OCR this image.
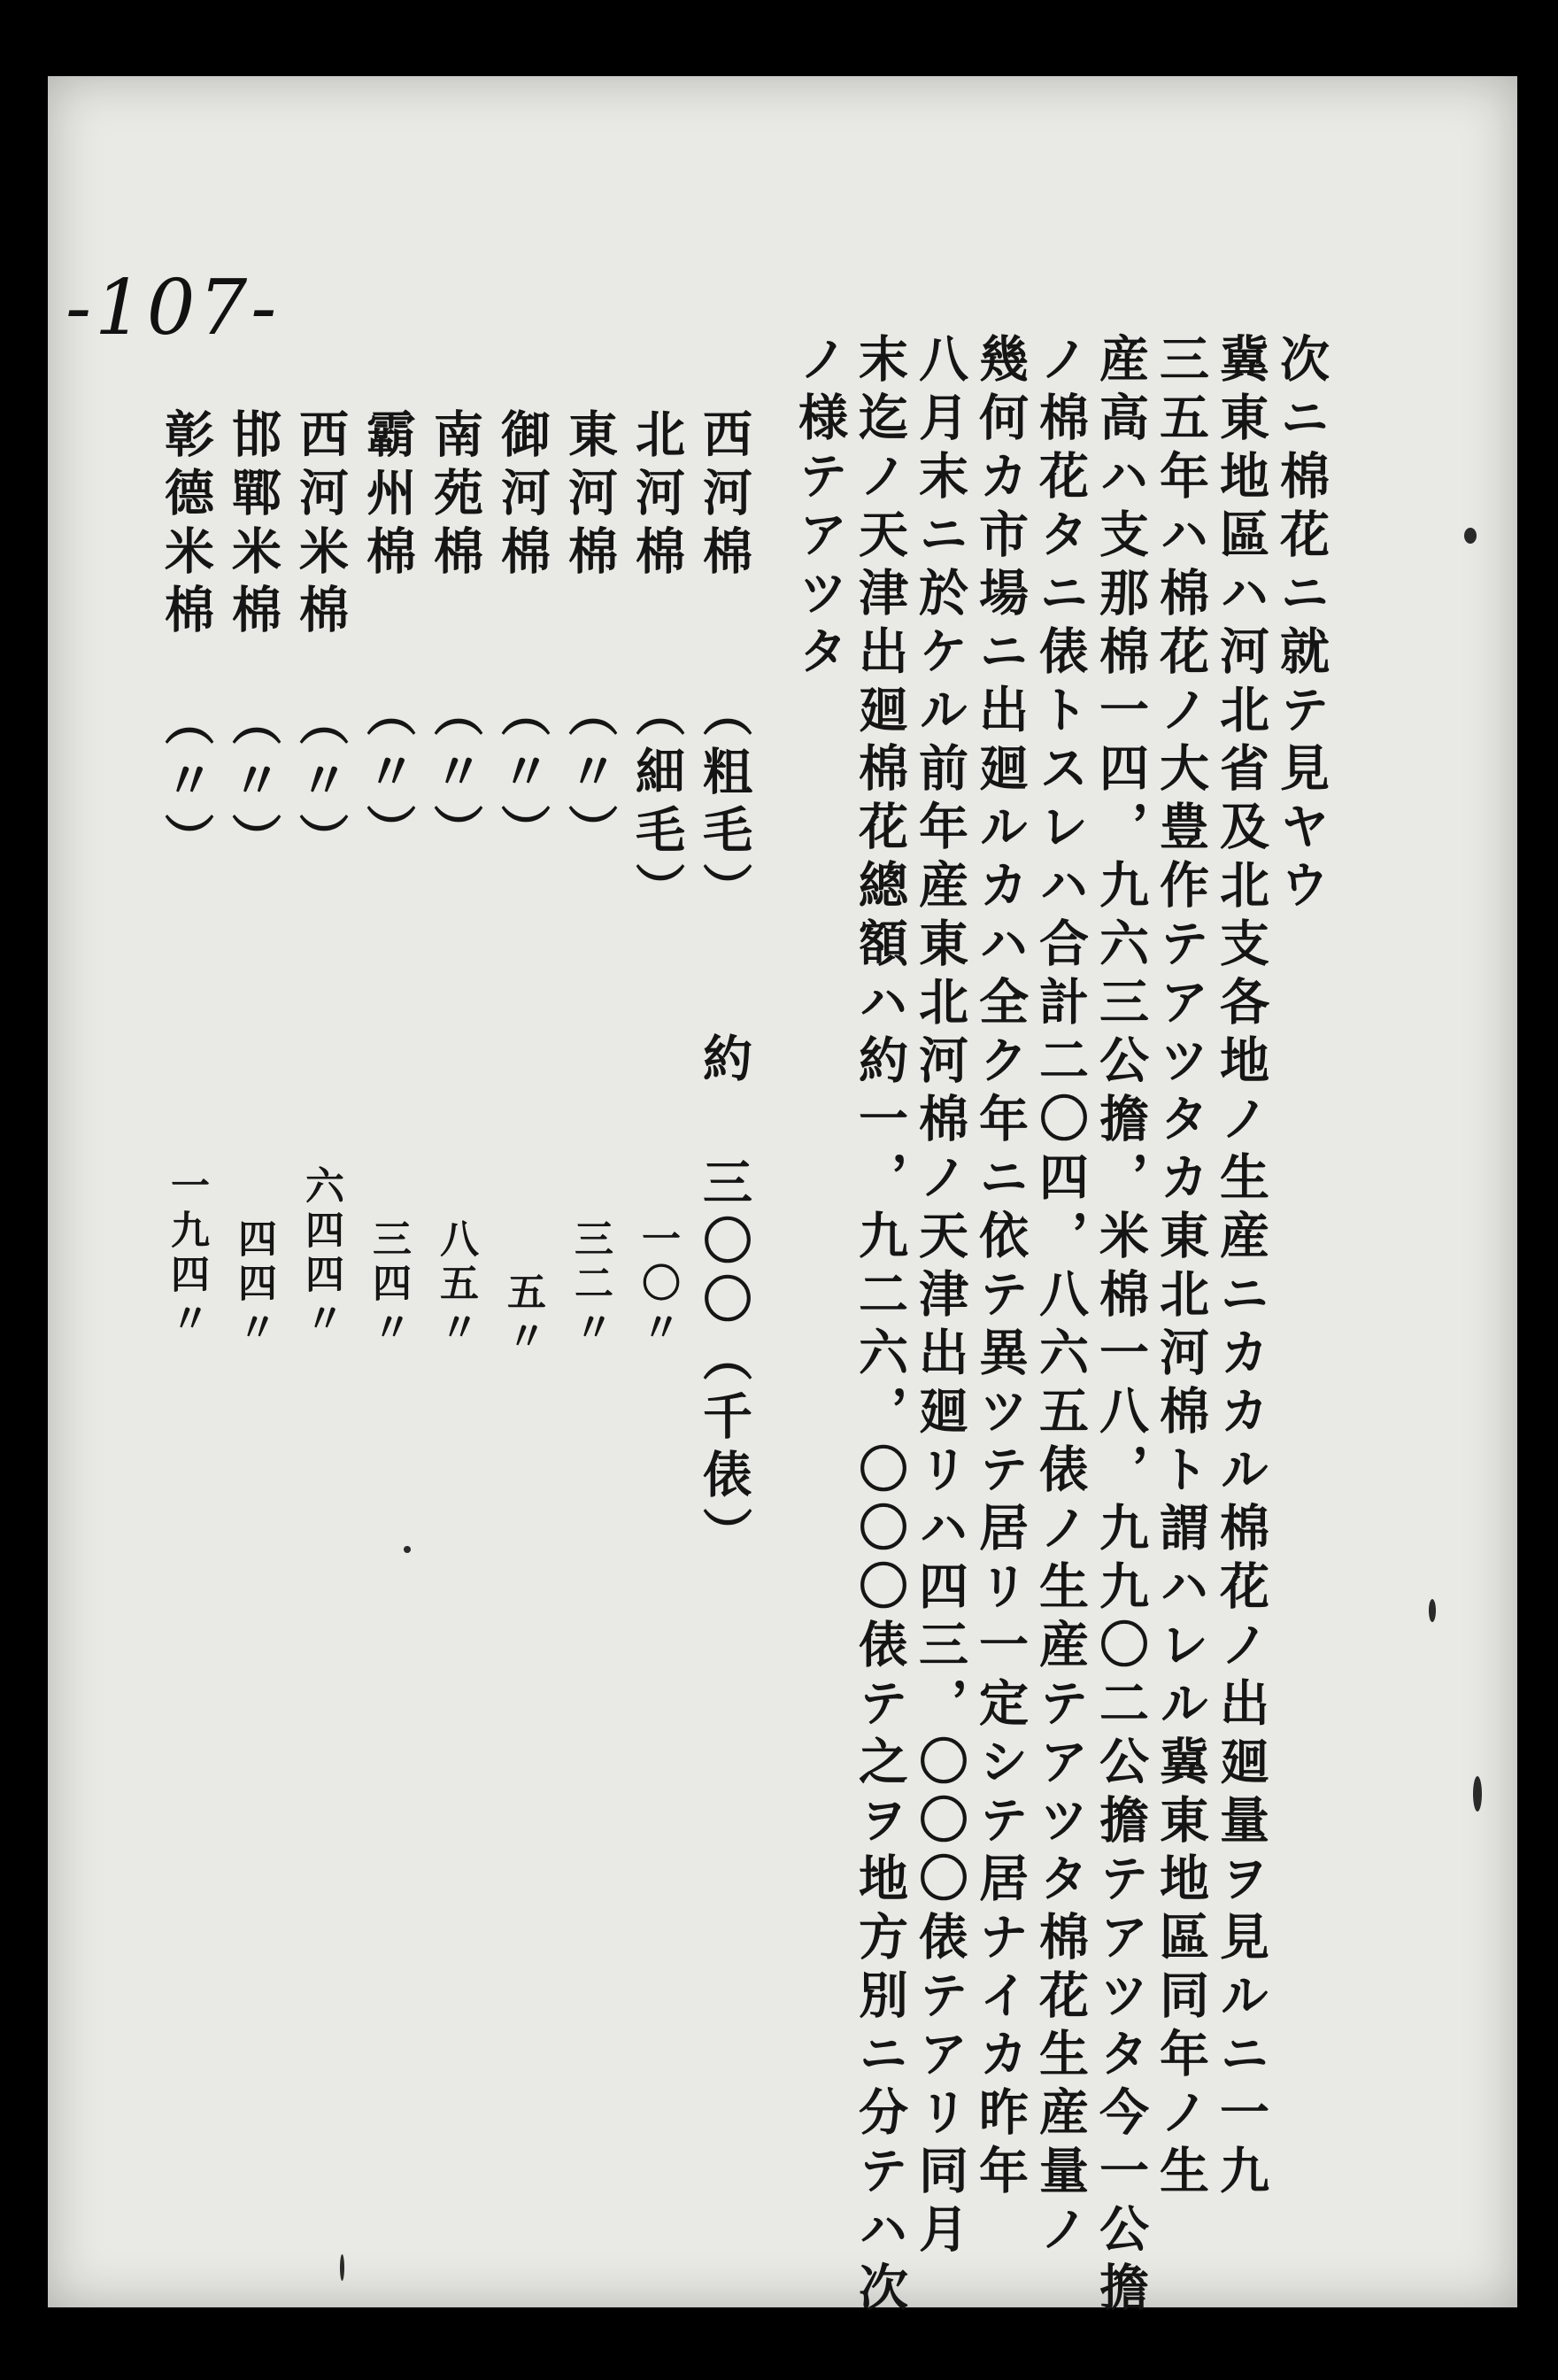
-107-
次ニ棉花ニ就テ見ヤウ
冀東地區ハ河北省及北支各地ノ生産ニカカル棉花ノ出廻量ヲ見ルニ一九
三五年ハ棉花ノ大豊作テアツタカ東北河棉ト謂ハレル冀東地區同年ノ生
産高ハ支那棉一四，九六三公擔，米棉一八，九九〇二公擔テアツタ今一公擔
ノ棉花タニ俵トスレハ合計二〇四，八六五俵ノ生産テアツタ棉花生産量ノ
幾何カ市場ニ出廻ルカハ全ク年ニ依テ異ツテ居リ一定シテ居ナイカ昨年
八月末ニ於ケル前年産東北河棉ノ天津出廻リハ四三，〇〇〇俵テアリ同月
末迄ノ天津出廻棉花總額ハ約一，九二六，〇〇〇俵テ之ヲ地方別ニ分テハ次
ノ様テアツタ
西河棉
（粗毛）
約
三〇〇（千俵）
北河棉
（細毛）
一〇〃
東河棉
（〃）
三二〃
御河棉
（〃）
五〃
南苑棉
（〃）
八五〃
霸州棉
（〃）
三四〃
西河米棉
（〃）
六四四〃
邯鄲米棉
（〃）
四四〃
彰德米棉
（〃）
一九四〃
